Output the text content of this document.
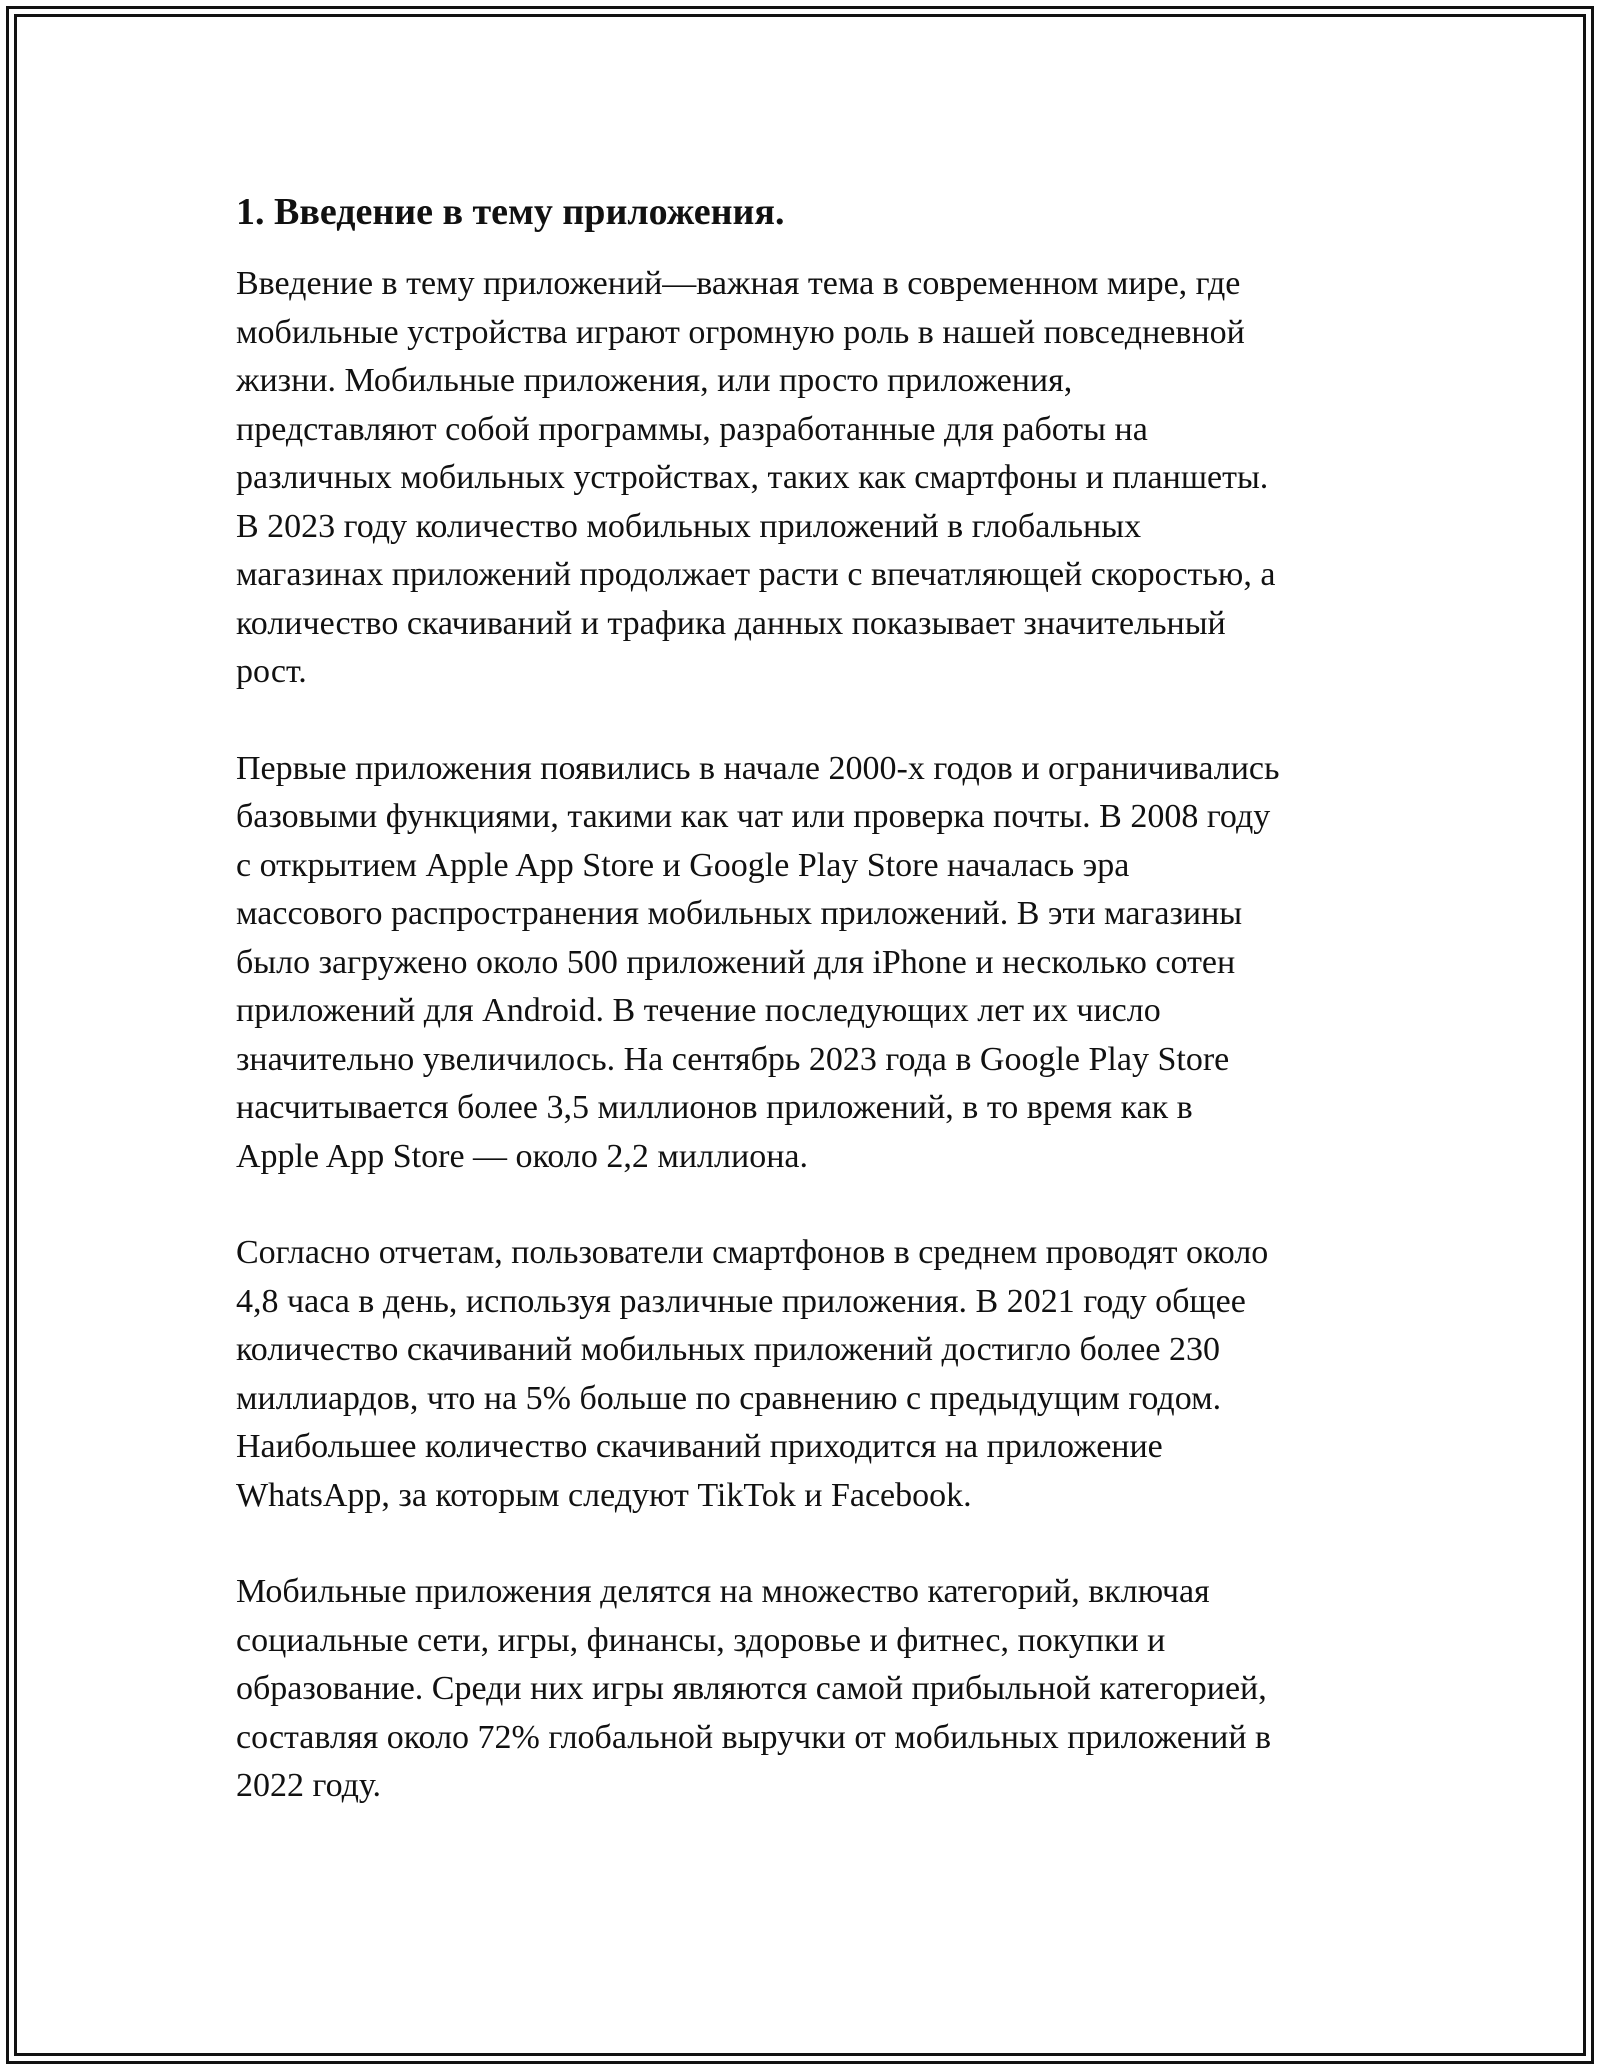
1. Введение в тему приложения.

Введение в тему приложений—важная тема в современном мире, где
мобильные устройства играют огромную роль в нашей повседневной
жизни. Мобильные приложения, или просто приложения,
представляют собой программы, разработанные для работы на
различных мобильных устройствах, таких как смартфоны и планшеты.
В 2023 году количество мобильных приложений в глобальных
магазинах приложений продолжает расти с впечатляющей скоростью, а
количество скачиваний и трафика данных показывает значительный
рост.

Первые приложения появились в начале 2000-х годов и ограничивались
базовыми функциями, такими как чат или проверка почты. В 2008 году
с открытием Apple App Store и Google Play Store началась эра
массового распространения мобильных приложений. В эти магазины
было загружено около 500 приложений для iPhone и несколько сотен
приложений для Android. В течение последующих лет их число
значительно увеличилось. На сентябрь 2023 года в Google Play Store
насчитывается более 3,5 миллионов приложений, в то время как в
Apple App Store — около 2,2 миллиона.

Согласно отчетам, пользователи смартфонов в среднем проводят около
4,8 часа в день, используя различные приложения. В 2021 году общее
количество скачиваний мобильных приложений достигло более 230
миллиардов, что на 5% больше по сравнению с предыдущим годом.
Наибольшее количество скачиваний приходится на приложение
WhatsApp, за которым следуют TikTok и Facebook.

Мобильные приложения делятся на множество категорий, включая
социальные сети, игры, финансы, здоровье и фитнес, покупки и
образование. Среди них игры являются самой прибыльной категорией,
составляя около 72% глобальной выручки от мобильных приложений в
2022 году.
